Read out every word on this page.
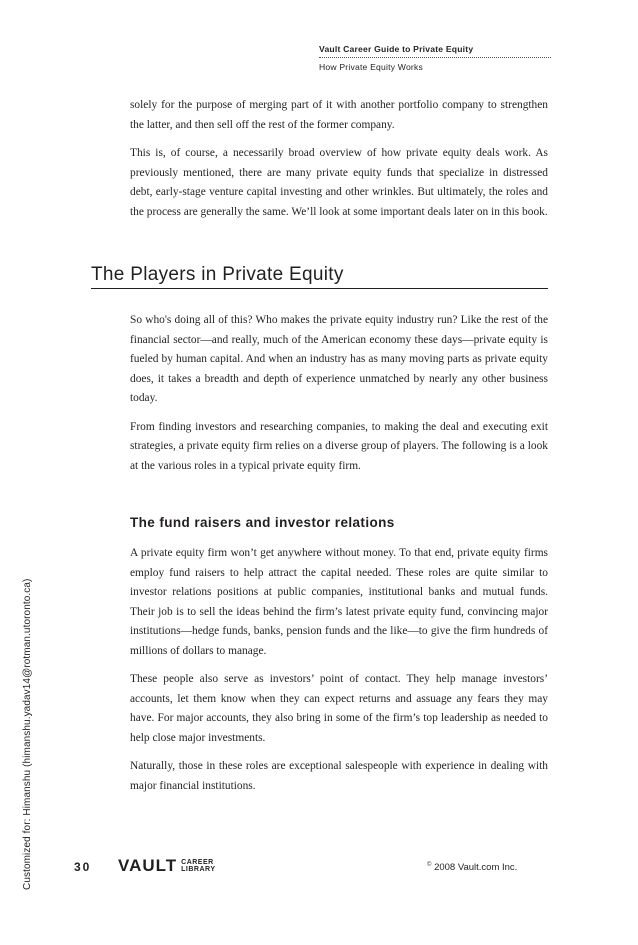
Vault Career Guide to Private Equity
How Private Equity Works

solely for the purpose of merging part of it with another portfolio company to strengthen the latter, and then sell off the rest of the former company.

This is, of course, a necessarily broad overview of how private equity deals work. As previously mentioned, there are many private equity funds that specialize in distressed debt, early-stage venture capital investing and other wrinkles. But ultimately, the roles and the process are generally the same. We’ll look at some important deals later on in this book.

The Players in Private Equity

So who's doing all of this? Who makes the private equity industry run? Like the rest of the financial sector—and really, much of the American economy these days—private equity is fueled by human capital. And when an industry has as many moving parts as private equity does, it takes a breadth and depth of experience unmatched by nearly any other business today.

From finding investors and researching companies, to making the deal and executing exit strategies, a private equity firm relies on a diverse group of players. The following is a look at the various roles in a typical private equity firm.

The fund raisers and investor relations

A private equity firm won’t get anywhere without money. To that end, private equity firms employ fund raisers to help attract the capital needed. These roles are quite similar to investor relations positions at public companies, institutional banks and mutual funds. Their job is to sell the ideas behind the firm’s latest private equity fund, convincing major institutions—hedge funds, banks, pension funds and the like—to give the firm hundreds of millions of dollars to manage.

These people also serve as investors’ point of contact. They help manage investors’ accounts, let them know when they can expect returns and assuage any fears they may have. For major accounts, they also bring in some of the firm’s top leadership as needed to help close major investments.

Naturally, those in these roles are exceptional salespeople with experience in dealing with major financial institutions.

Customized for: Himanshu (himanshu.yadav14@rotman.utoronto.ca)	30 VAULT CAREER
LIBRARY
© 2008 Vault.com Inc.
